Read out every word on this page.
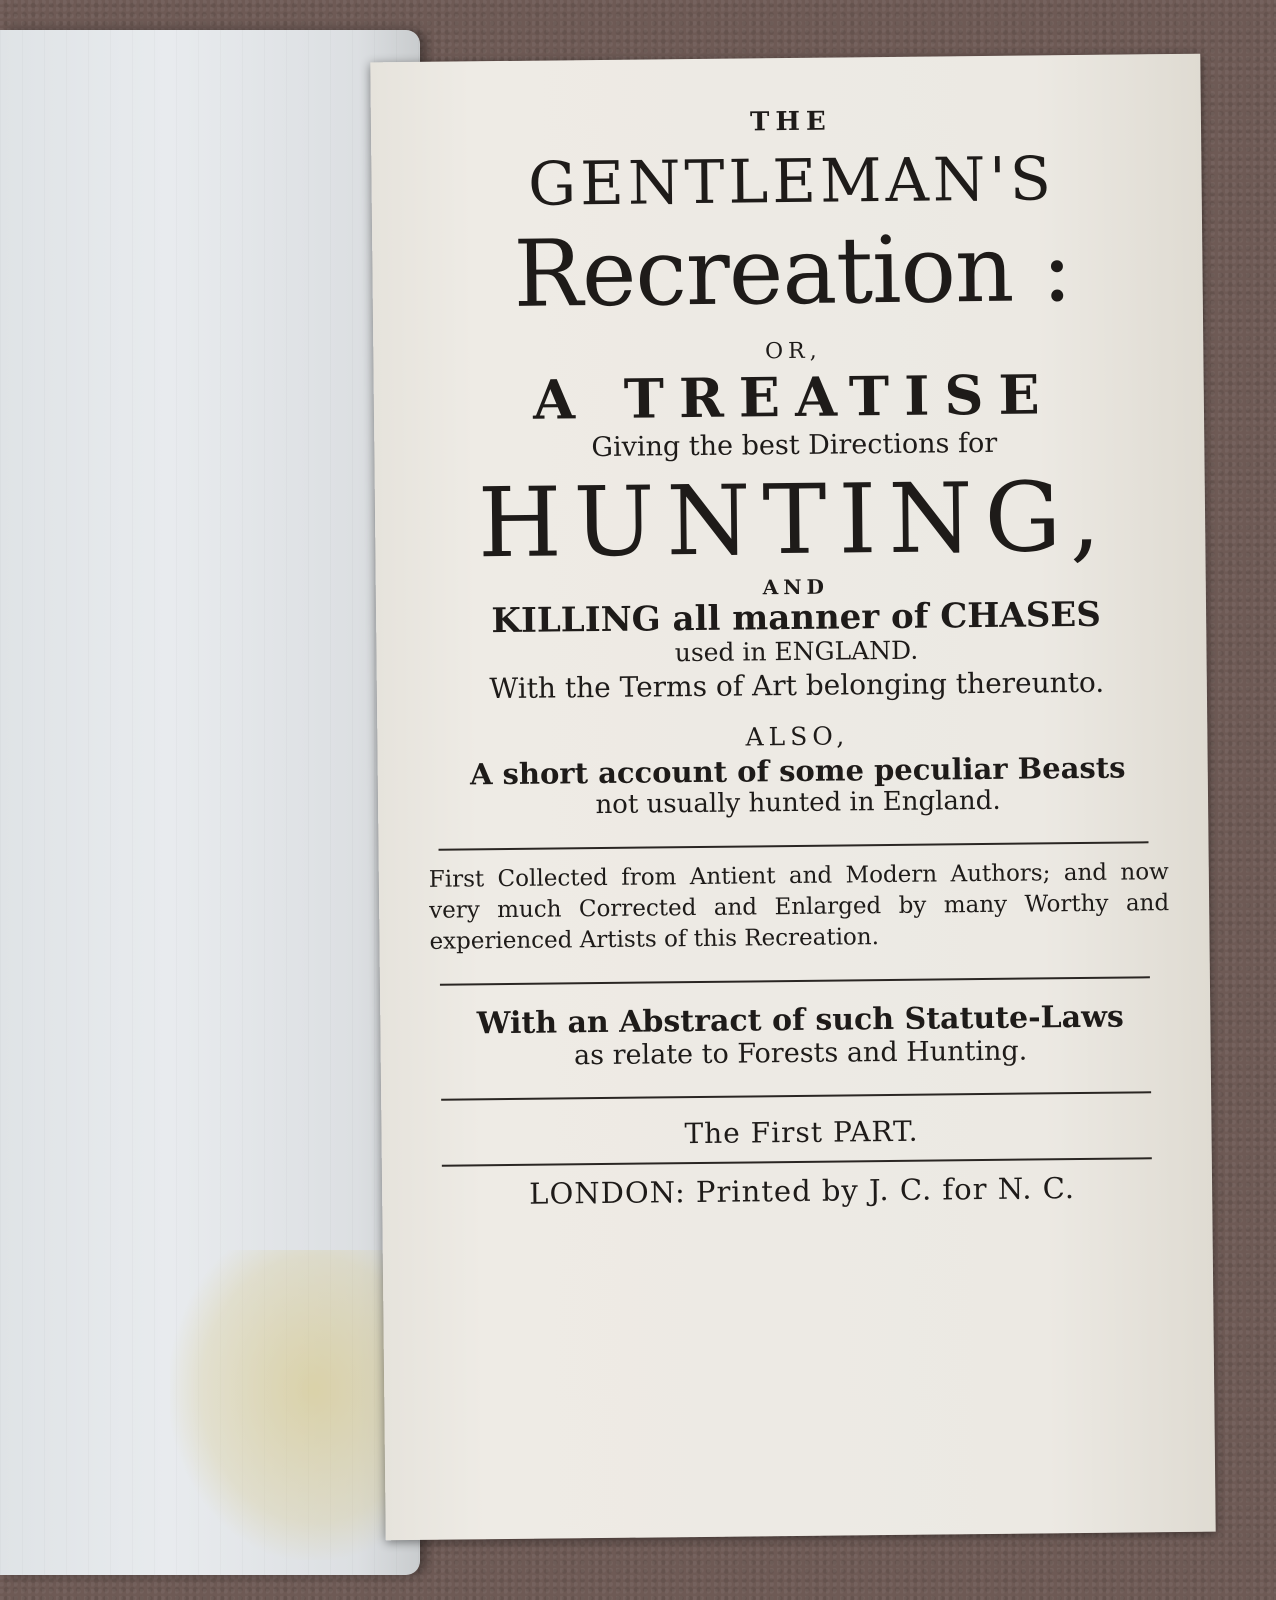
THE
GENTLEMAN'S
Recreation :
OR,
A TREATISE
Giving the best Directions for
HUNTING,
AND
KILLING all manner of CHASES
used in ENGLAND.
With the Terms of Art belonging thereunto.
ALSO,
A short account of some peculiar Beasts
not usually hunted in England.
First Collected from Antient and Modern Authors; and now very much Corrected and Enlarged by many Worthy and experienced Artists of this Recreation.
With an Abstract of such Statute-Laws
as relate to Forests and Hunting.
The First PART.
LONDON: Printed by J. C. for N. C.
